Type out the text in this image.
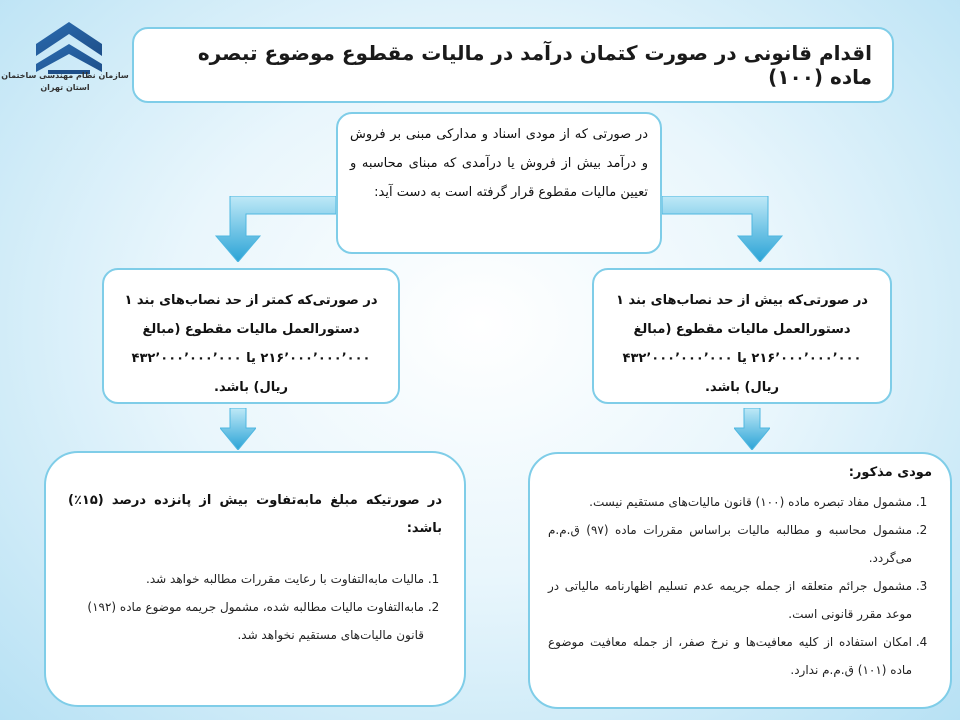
سازمان نظام مهندسی ساختمان
استان تهران
اقدام قانونی در صورت کتمان درآمد در مالیات مقطوع موضوع تبصره ماده (۱۰۰)
در صورتی که از مودی اسناد و مدارکی مبنی بر فروش و درآمد بیش از فروش یا درآمدی که مبنای محاسبه و تعیین مالیات مقطوع قرار گرفته است به دست آید:
در صورتی‌که کمتر از حد نصاب‌های بند ۱ دستورالعمل مالیات مقطوع (مبالغ ۲۱۶٬۰۰۰٬۰۰۰٬۰۰۰ یا ۴۳۲٬۰۰۰٬۰۰۰٬۰۰۰ ریال) باشد.
در صورتی‌که بیش از حد نصاب‌های بند ۱ دستورالعمل مالیات مقطوع (مبالغ ۲۱۶٬۰۰۰٬۰۰۰٬۰۰۰ یا ۴۳۲٬۰۰۰٬۰۰۰٬۰۰۰ ریال) باشد.
در صورتیکه مبلغ مابه‌تفاوت بیش از پانزده درصد (۱۵٪) باشد:
1. مالیات مابه‌التفاوت با رعایت مقررات مطالبه خواهد شد.
2. مابه‌التفاوت مالیات مطالبه شده، مشمول جریمه موضوع ماده (۱۹۲) قانون مالیات‌های مستقیم نخواهد شد.
مودی مذکور:
1. مشمول مفاد تبصره ماده (۱۰۰) قانون مالیات‌های مستقیم نیست.
2. مشمول محاسبه و مطالبه مالیات براساس مقررات ماده (۹۷) ق.م.م می‌گردد.
3. مشمول جرائم متعلقه از جمله جریمه عدم تسلیم اظهارنامه مالیاتی در موعد مقرر قانونی است.
4. امکان استفاده از کلیه معافیت‌ها و نرخ صفر، از جمله معافیت موضوع ماده (۱۰۱) ق.م.م ندارد.
